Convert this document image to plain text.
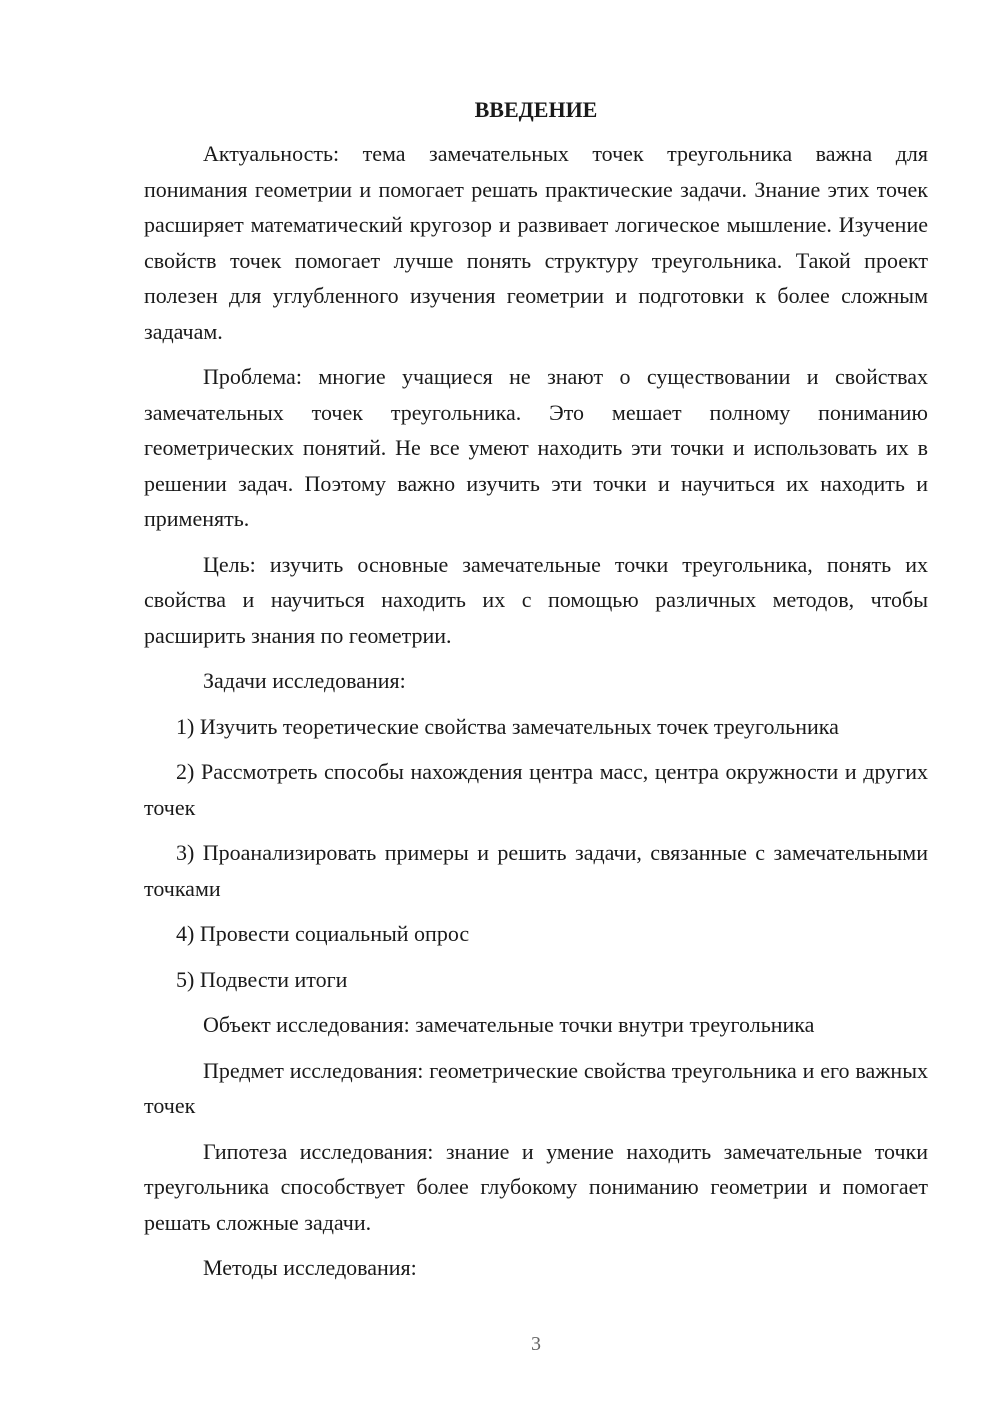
ВВЕДЕНИЕ

Актуальность: тема замечательных точек треугольника важна для понимания геометрии и помогает решать практические задачи. Знание этих точек расширяет математический кругозор и развивает логическое мышление. Изучение свойств точек помогает лучше понять структуру треугольника. Такой проект полезен для углубленного изучения геометрии и подготовки к более сложным задачам.

Проблема: многие учащиеся не знают о существовании и свойствах замечательных точек треугольника. Это мешает полному пониманию геометрических понятий. Не все умеют находить эти точки и использовать их в решении задач. Поэтому важно изучить эти точки и научиться их находить и применять.

Цель: изучить основные замечательные точки треугольника, понять их свойства и научиться находить их с помощью различных методов, чтобы расширить знания по геометрии.

Задачи исследования:

1) Изучить теоретические свойства замечательных точек треугольника

2) Рассмотреть способы нахождения центра масс, центра окружности и других точек

3) Проанализировать примеры и решить задачи, связанные с замечательными точками

4) Провести социальный опрос

5) Подвести итоги

Объект исследования: замечательные точки внутри треугольника

Предмет исследования: геометрические свойства треугольника и его важных точек

Гипотеза исследования: знание и умение находить замечательные точки треугольника способствует более глубокому пониманию геометрии и помогает решать сложные задачи.

Методы исследования:

3
